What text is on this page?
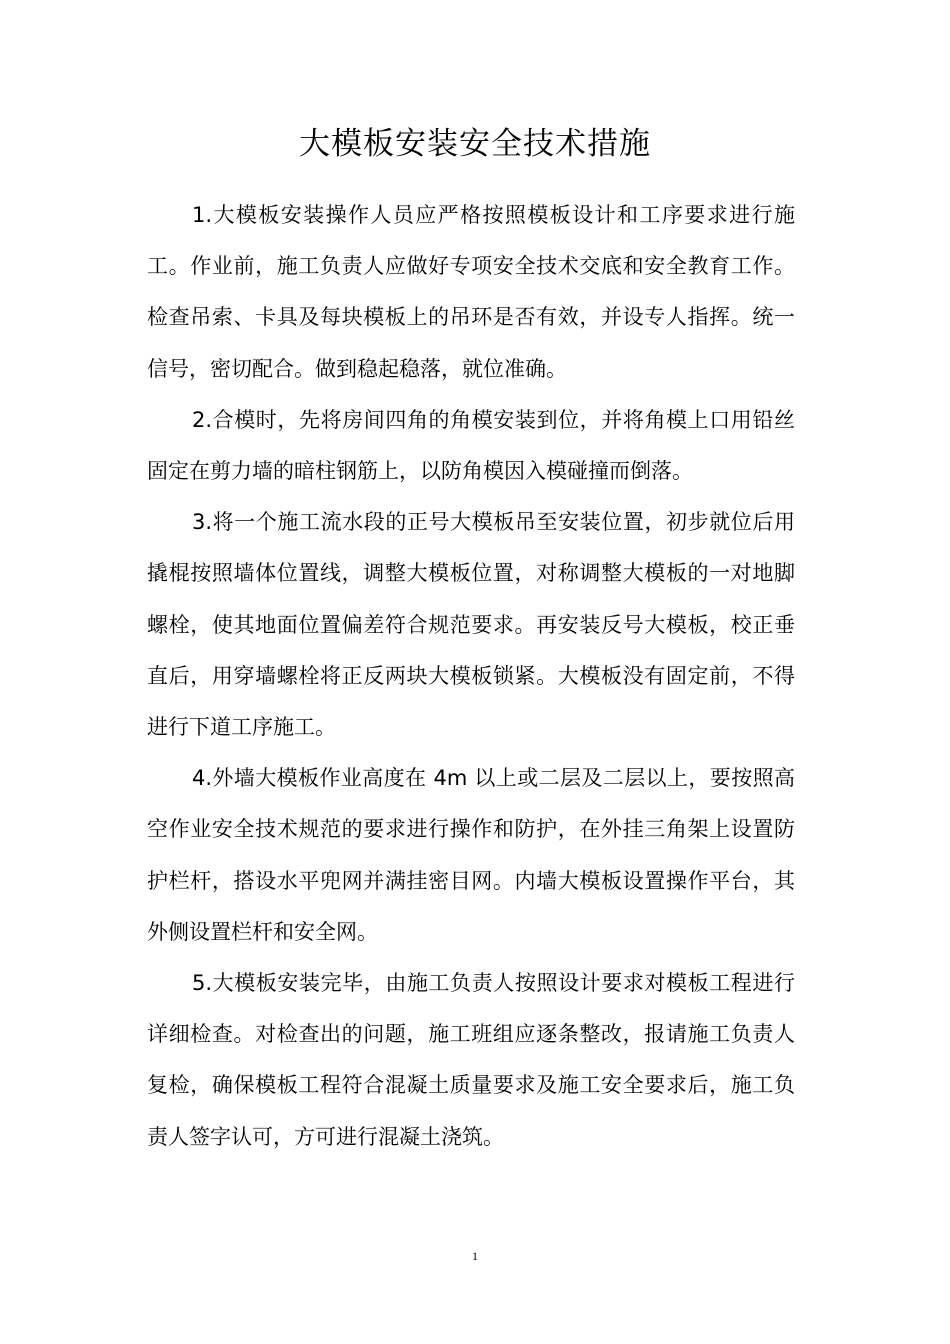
大模板安装安全技术措施

1.大模板安装操作人员应严格按照模板设计和工序要求进行施工。作业前，施工负责人应做好专项安全技术交底和安全教育工作。检查吊索、卡具及每块模板上的吊环是否有效，并设专人指挥。统一信号，密切配合。做到稳起稳落，就位准确。

2.合模时，先将房间四角的角模安装到位，并将角模上口用铅丝固定在剪力墙的暗柱钢筋上，以防角模因入模碰撞而倒落。

3.将一个施工流水段的正号大模板吊至安装位置，初步就位后用撬棍按照墙体位置线，调整大模板位置，对称调整大模板的一对地脚螺栓，使其地面位置偏差符合规范要求。再安装反号大模板，校正垂直后，用穿墙螺栓将正反两块大模板锁紧。大模板没有固定前，不得进行下道工序施工。

4.外墙大模板作业高度在 4m 以上或二层及二层以上，要按照高空作业安全技术规范的要求进行操作和防护，在外挂三角架上设置防护栏杆，搭设水平兜网并满挂密目网。内墙大模板设置操作平台，其外侧设置栏杆和安全网。

5.大模板安装完毕，由施工负责人按照设计要求对模板工程进行详细检查。对检查出的问题，施工班组应逐条整改，报请施工负责人复检，确保模板工程符合混凝土质量要求及施工安全要求后，施工负责人签字认可，方可进行混凝土浇筑。

1
